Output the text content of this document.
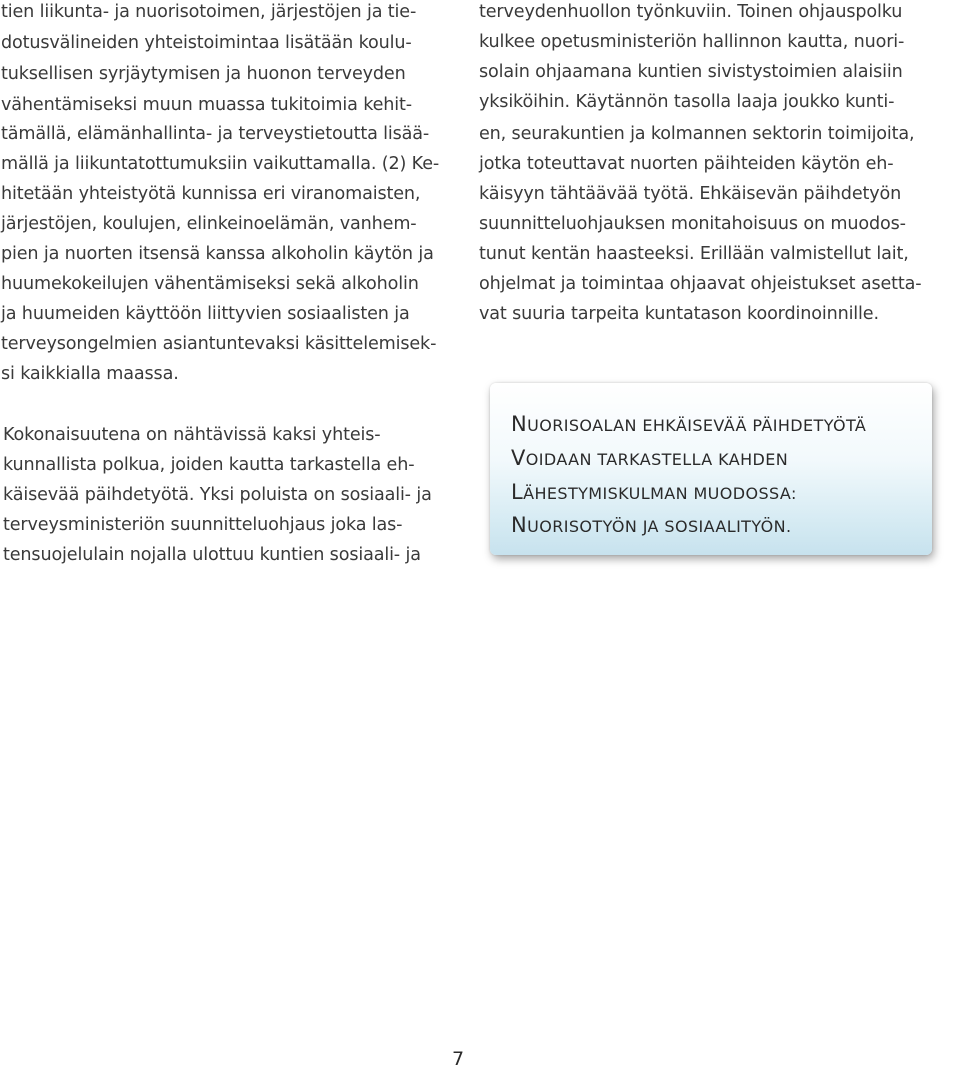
tien liikunta- ja nuorisotoimen, järjestöjen ja tie-
dotusvälineiden yhteistoimintaa lisätään koulu-
tuksellisen syrjäytymisen ja huonon terveyden
vähentämiseksi muun muassa tukitoimia kehit-
tämällä, elämänhallinta- ja terveystietoutta lisää-
mällä ja liikuntatottumuksiin vaikuttamalla. (2) Ke-
hitetään yhteistyötä kunnissa eri viranomaisten,
järjestöjen, koulujen, elinkeinoelämän, vanhem-
pien ja nuorten itsensä kanssa alkoholin käytön ja
huumekokeilujen vähentämiseksi sekä alkoholin
ja huumeiden käyttöön liittyvien sosiaalisten ja
terveysongelmien asiantuntevaksi käsittelemisek-
si kaikkialla maassa.
Kokonaisuutena on nähtävissä kaksi yhteis-
kunnallista polkua, joiden kautta tarkastella eh-
käisevää päihdetyötä. Yksi poluista on sosiaali- ja
terveysministeriön suunnitteluohjaus joka las-
tensuojelulain nojalla ulottuu kuntien sosiaali- ja
terveydenhuollon työnkuviin. Toinen ohjauspolku
kulkee opetusministeriön hallinnon kautta, nuori-
solain ohjaamana kuntien sivistystoimien alaisiin
yksiköihin. Käytännön tasolla laaja joukko kunti-
en, seurakuntien ja kolmannen sektorin toimijoita,
jotka toteuttavat nuorten päihteiden käytön eh-
käisyyn tähtäävää työtä. Ehkäisevän päihdetyön
suunnitteluohjauksen monitahoisuus on muodos-
tunut kentän haasteeksi. Erillään valmistellut lait,
ohjelmat ja toimintaa ohjaavat ohjeistukset asetta-
vat suuria tarpeita kuntatason koordinoinnille.
NUORISOALAN EHKÄISEVÄÄ PÄIHDETYÖTÄ
VOIDAAN TARKASTELLA KAHDEN
LÄHESTYMISKULMAN MUODOSSA:
NUORISOTYÖN JA SOSIAALITYÖN.
7
